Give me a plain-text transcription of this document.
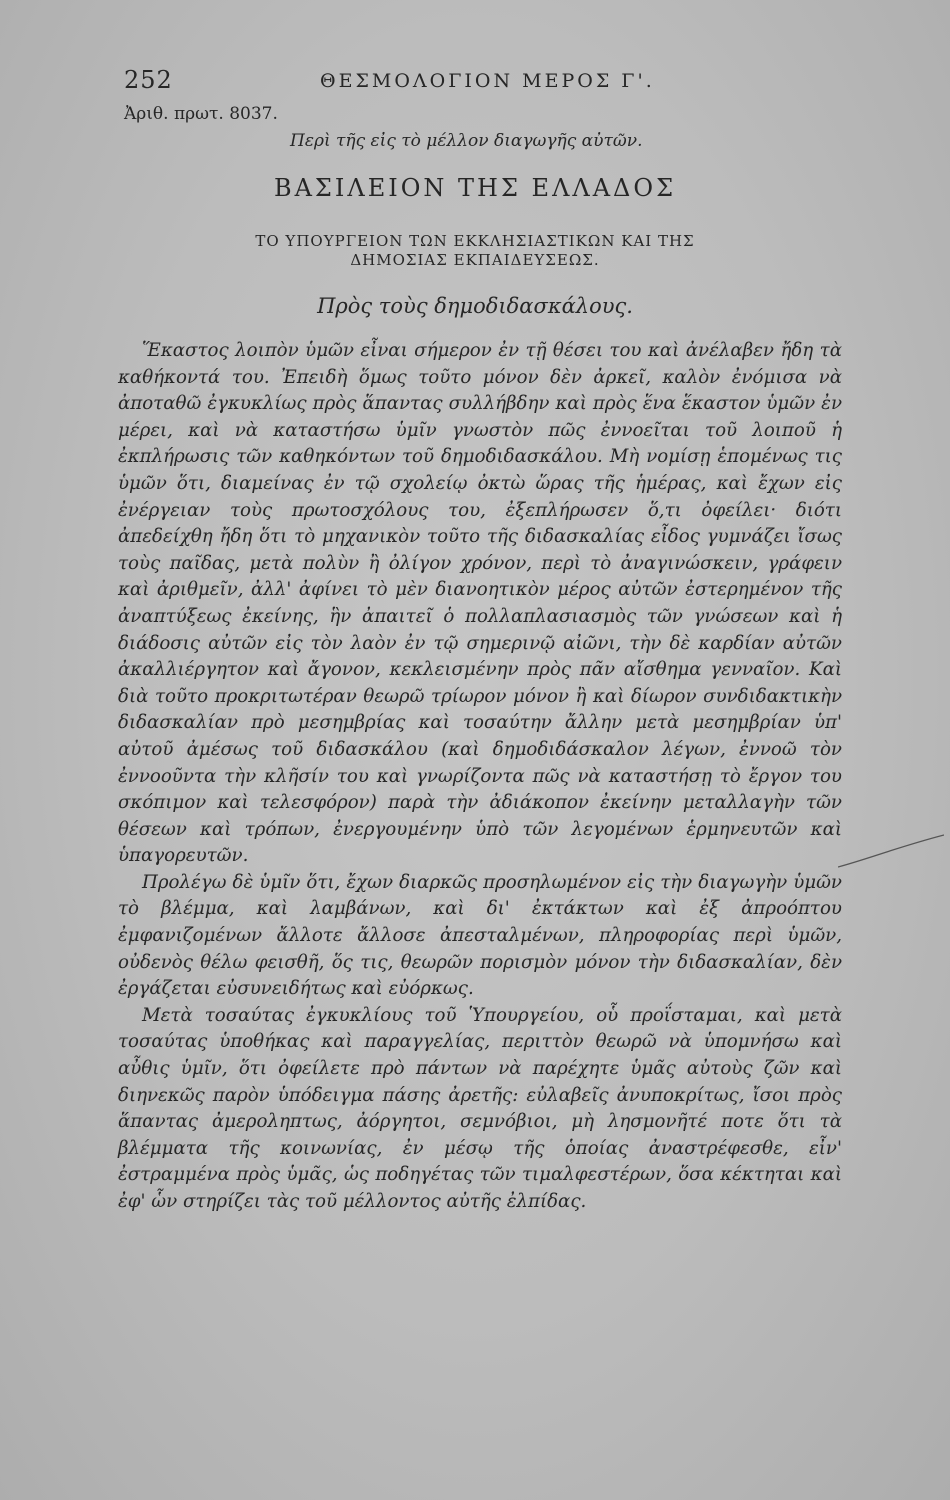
252	ΘΕΣΜΟΛΟΓΙΟΝ ΜΕΡΟΣ Γ'.
Ἀριθ. πρωτ. 8037.
Περὶ τῆς εἰς τὸ μέλλον διαγωγῆς αὐτῶν.
ΒΑΣΙΛΕΙΟΝ ΤΗΣ ΕΛΛΑΔΟΣ
ΤΟ ΥΠΟΥΡΓΕΙΟΝ ΤΩΝ ΕΚΚΛΗΣΙΑΣΤΙΚΩΝ ΚΑΙ ΤΗΣ
ΔΗΜΟΣΙΑΣ ΕΚΠΑΙΔΕΥΣΕΩΣ.
Πρὸς τοὺς δημοδιδασκάλους.

Ἕκαστος λοιπὸν ὑμῶν εἶναι σήμερον ἐν τῇ θέσει του καὶ ἀνέλαβεν ἤδη τὰ καθήκοντά του. Ἐπειδὴ ὅμως τοῦτο μόνον δὲν ἀρκεῖ, καλὸν ἐνόμισα νὰ ἀποταθῶ ἐγκυκλίως πρὸς ἅπαντας συλλήβδην καὶ πρὸς ἕνα ἕκαστον ὑμῶν ἐν μέρει, καὶ νὰ καταστήσω ὑμῖν γνωστὸν πῶς ἐννοεῖται τοῦ λοιποῦ ἡ ἐκπλήρωσις τῶν καθηκόντων τοῦ δημοδιδασκάλου. Μὴ νομίσῃ ἑπομένως τις ὑμῶν ὅτι, διαμείνας ἐν τῷ σχολείῳ ὀκτὼ ὥρας τῆς ἡμέρας, καὶ ἔχων εἰς ἐνέργειαν τοὺς πρωτοσχόλους του, ἐξεπλήρωσεν ὅ,τι ὀφείλει· διότι ἀπεδείχθη ἤδη ὅτι τὸ μηχανικὸν τοῦτο τῆς διδασκαλίας εἶδος γυμνάζει ἴσως τοὺς παῖδας, μετὰ πολὺν ἢ ὀλίγον χρόνον, περὶ τὸ ἀναγινώσκειν, γράφειν καὶ ἀριθμεῖν, ἀλλ' ἀφίνει τὸ μὲν διανοητικὸν μέρος αὐτῶν ἐστερημένον τῆς ἀναπτύξεως ἐκείνης, ἣν ἀπαιτεῖ ὁ πολλαπλασιασμὸς τῶν γνώσεων καὶ ἡ διάδοσις αὐτῶν εἰς τὸν λαὸν ἐν τῷ σημερινῷ αἰῶνι, τὴν δὲ καρδίαν αὐτῶν ἀκαλλιέργητον καὶ ἄγονον, κεκλεισμένην πρὸς πᾶν αἴσθημα γενναῖον. Καὶ διὰ τοῦτο προκριτωτέραν θεωρῶ τρίωρον μόνον ἢ καὶ δίωρον συνδιδακτικὴν διδασκαλίαν πρὸ μεσημβρίας καὶ τοσαύτην ἄλλην μετὰ μεσημβρίαν ὑπ' αὐτοῦ ἀμέσως τοῦ διδασκάλου (καὶ δημοδιδάσκαλον λέγων, ἐννοῶ τὸν ἐννοοῦντα τὴν κλῆσίν του καὶ γνωρίζοντα πῶς νὰ καταστήσῃ τὸ ἔργον του σκόπιμον καὶ τελεσφόρον) παρὰ τὴν ἀδιάκοπον ἐκείνην μεταλλαγὴν τῶν θέσεων καὶ τρόπων, ἐνεργουμένην ὑπὸ τῶν λεγομένων ἑρμηνευτῶν καὶ ὑπαγορευτῶν.

Προλέγω δὲ ὑμῖν ὅτι, ἔχων διαρκῶς προσηλωμένον εἰς τὴν διαγωγὴν ὑμῶν τὸ βλέμμα, καὶ λαμβάνων, καὶ δι' ἐκτάκτων καὶ ἐξ ἀπροόπτου ἐμφανιζομένων ἄλλοτε ἄλλοσε ἀπεσταλμένων, πληροφορίας περὶ ὑμῶν, οὐδενὸς θέλω φεισθῆ, ὅς τις, θεωρῶν πορισμὸν μόνον τὴν διδασκαλίαν, δὲν ἐργάζεται εὐσυνειδήτως καὶ εὐόρκως.

Μετὰ τοσαύτας ἐγκυκλίους τοῦ Ὑπουργείου, οὗ προΐσταμαι, καὶ μετὰ τοσαύτας ὑποθήκας καὶ παραγγελίας, περιττὸν θεωρῶ νὰ ὑπομνήσω καὶ αὖθις ὑμῖν, ὅτι ὀφείλετε πρὸ πάντων νὰ παρέχητε ὑμᾶς αὐτοὺς ζῶν καὶ διηνεκῶς παρὸν ὑπόδειγμα πάσης ἀρετῆς: εὐλαβεῖς ἀνυποκρίτως, ἴσοι πρὸς ἅπαντας ἀμεροληπτως, ἀόργητοι, σεμνόβιοι, μὴ λησμονῆτέ ποτε ὅτι τὰ βλέμματα τῆς κοινωνίας, ἐν μέσῳ τῆς ὁποίας ἀναστρέφεσθε, εἶν' ἐστραμμένα πρὸς ὑμᾶς, ὡς ποδηγέτας τῶν τιμαλφεστέρων, ὅσα κέκτηται καὶ ἐφ' ὧν στηρίζει τὰς τοῦ μέλλοντος αὐτῆς ἐλπίδας.
